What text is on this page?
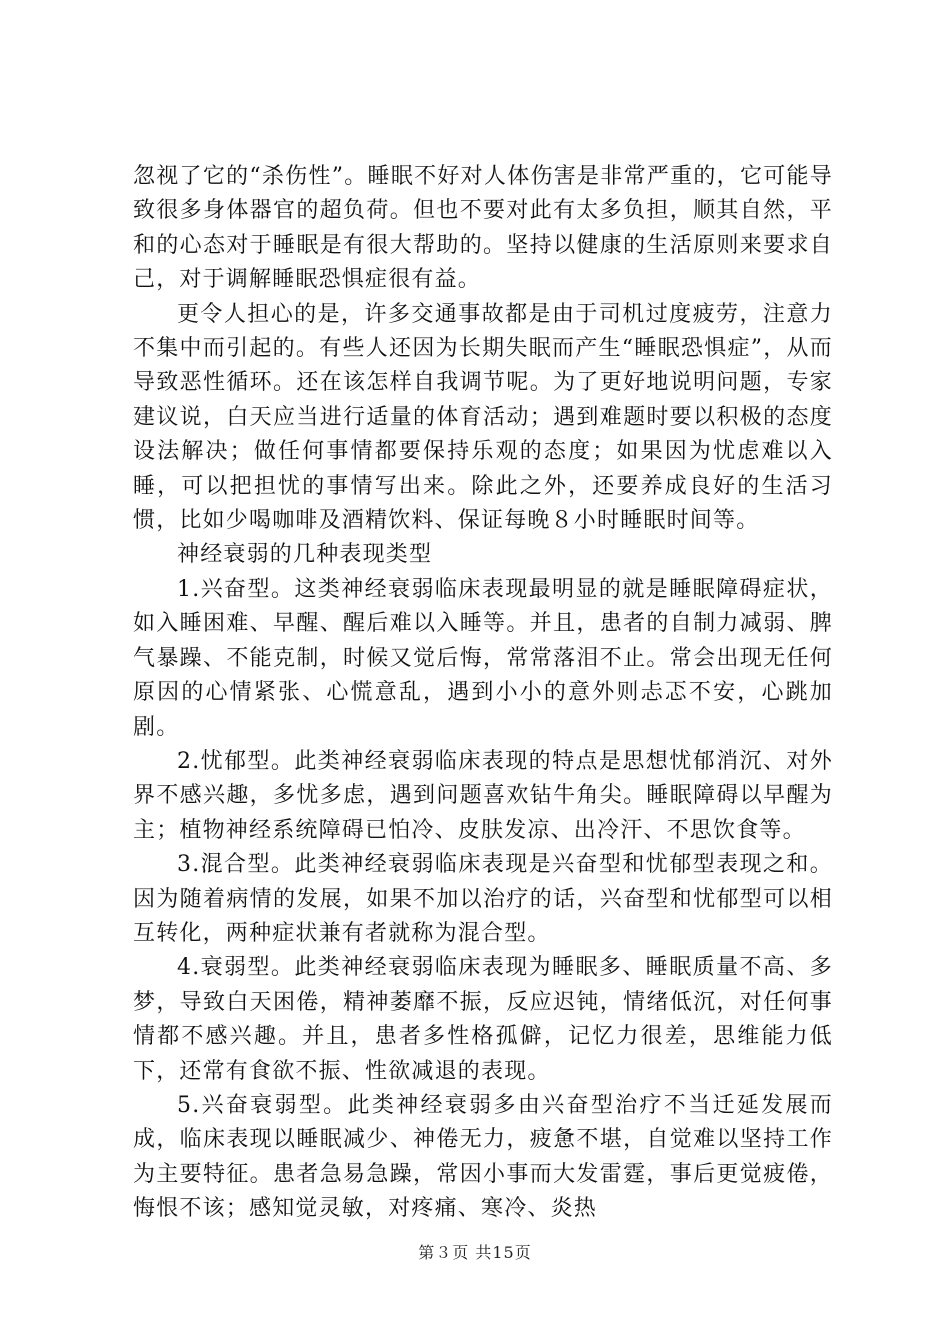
忽视了它的“杀伤性”。睡眠不好对人体伤害是非常严重的，它可能导致很多身体器官的超负荷。但也不要对此有太多负担，顺其自然，平和的心态对于睡眠是有很大帮助的。坚持以健康的生活原则来要求自己，对于调解睡眠恐惧症很有益。

更令人担心的是，许多交通事故都是由于司机过度疲劳，注意力不集中而引起的。有些人还因为长期失眠而产生“睡眠恐惧症”，从而导致恶性循环。还在该怎样自我调节呢。为了更好地说明问题，专家建议说，白天应当进行适量的体育活动；遇到难题时要以积极的态度设法解决；做任何事情都要保持乐观的态度；如果因为忧虑难以入睡，可以把担忧的事情写出来。除此之外，还要养成良好的生活习惯，比如少喝咖啡及酒精饮料、保证每晚８小时睡眠时间等。

神经衰弱的几种表现类型

1.兴奋型。这类神经衰弱临床表现最明显的就是睡眠障碍症状，如入睡困难、早醒、醒后难以入睡等。并且，患者的自制力减弱、脾气暴躁、不能克制，时候又觉后悔，常常落泪不止。常会出现无任何原因的心情紧张、心慌意乱，遇到小小的意外则忐忑不安，心跳加剧。

2.忧郁型。此类神经衰弱临床表现的特点是思想忧郁消沉、对外界不感兴趣，多忧多虑，遇到问题喜欢钻牛角尖。睡眠障碍以早醒为主；植物神经系统障碍已怕冷、皮肤发凉、出冷汗、不思饮食等。

3.混合型。此类神经衰弱临床表现是兴奋型和忧郁型表现之和。因为随着病情的发展，如果不加以治疗的话，兴奋型和忧郁型可以相互转化，两种症状兼有者就称为混合型。

4.衰弱型。此类神经衰弱临床表现为睡眠多、睡眠质量不高、多梦，导致白天困倦，精神萎靡不振，反应迟钝，情绪低沉，对任何事情都不感兴趣。并且，患者多性格孤僻，记忆力很差，思维能力低下，还常有食欲不振、性欲减退的表现。

5.兴奋衰弱型。此类神经衰弱多由兴奋型治疗不当迁延发展而成，临床表现以睡眠减少、神倦无力，疲惫不堪，自觉难以坚持工作为主要特征。患者急易急躁，常因小事而大发雷霆，事后更觉疲倦，悔恨不该；感知觉灵敏，对疼痛、寒冷、炎热

第３页 共15页
